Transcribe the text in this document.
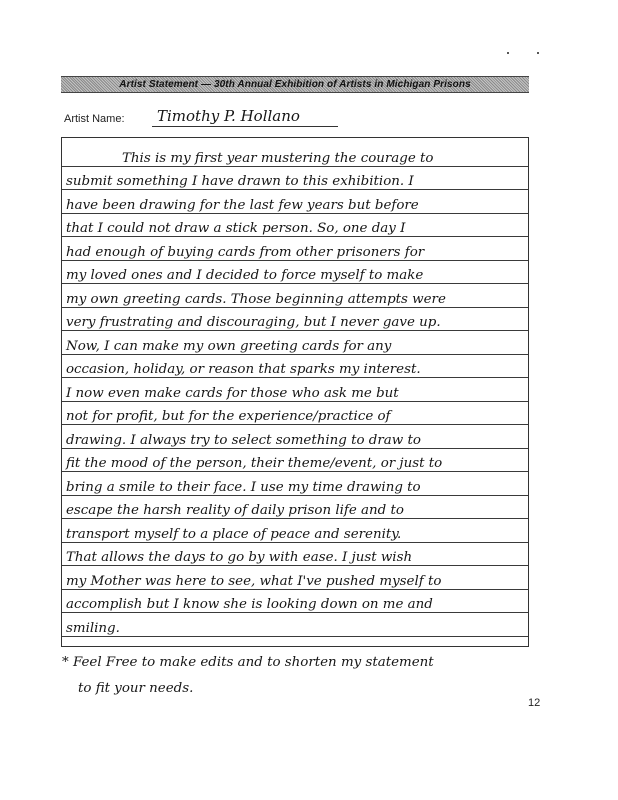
Artist Statement — 30th Annual Exhibition of Artists in Michigan Prisons
Artist Name: Timothy P. Hollano
This is my first year mustering the courage to
submit something I have drawn to this exhibition. I
have been drawing for the last few years but before
that I could not draw a stick person. So, one day I
had enough of buying cards from other prisoners for
my loved ones and I decided to force myself to make
my own greeting cards. Those beginning attempts were
very frustrating and discouraging, but I never gave up.
Now, I can make my own greeting cards for any
occasion, holiday, or reason that sparks my interest.
I now even make cards for those who ask me but
not for profit, but for the experience/practice of
drawing. I always try to select something to draw to
fit the mood of the person, their theme/event, or just to
bring a smile to their face. I use my time drawing to
escape the harsh reality of daily prison life and to
transport myself to a place of peace and serenity.
That allows the days to go by with ease. I just wish
my Mother was here to see, what I've pushed myself to
accomplish but I know she is looking down on me and
smiling.
* Feel Free to make edits and to shorten my statement
to fit your needs.
12
